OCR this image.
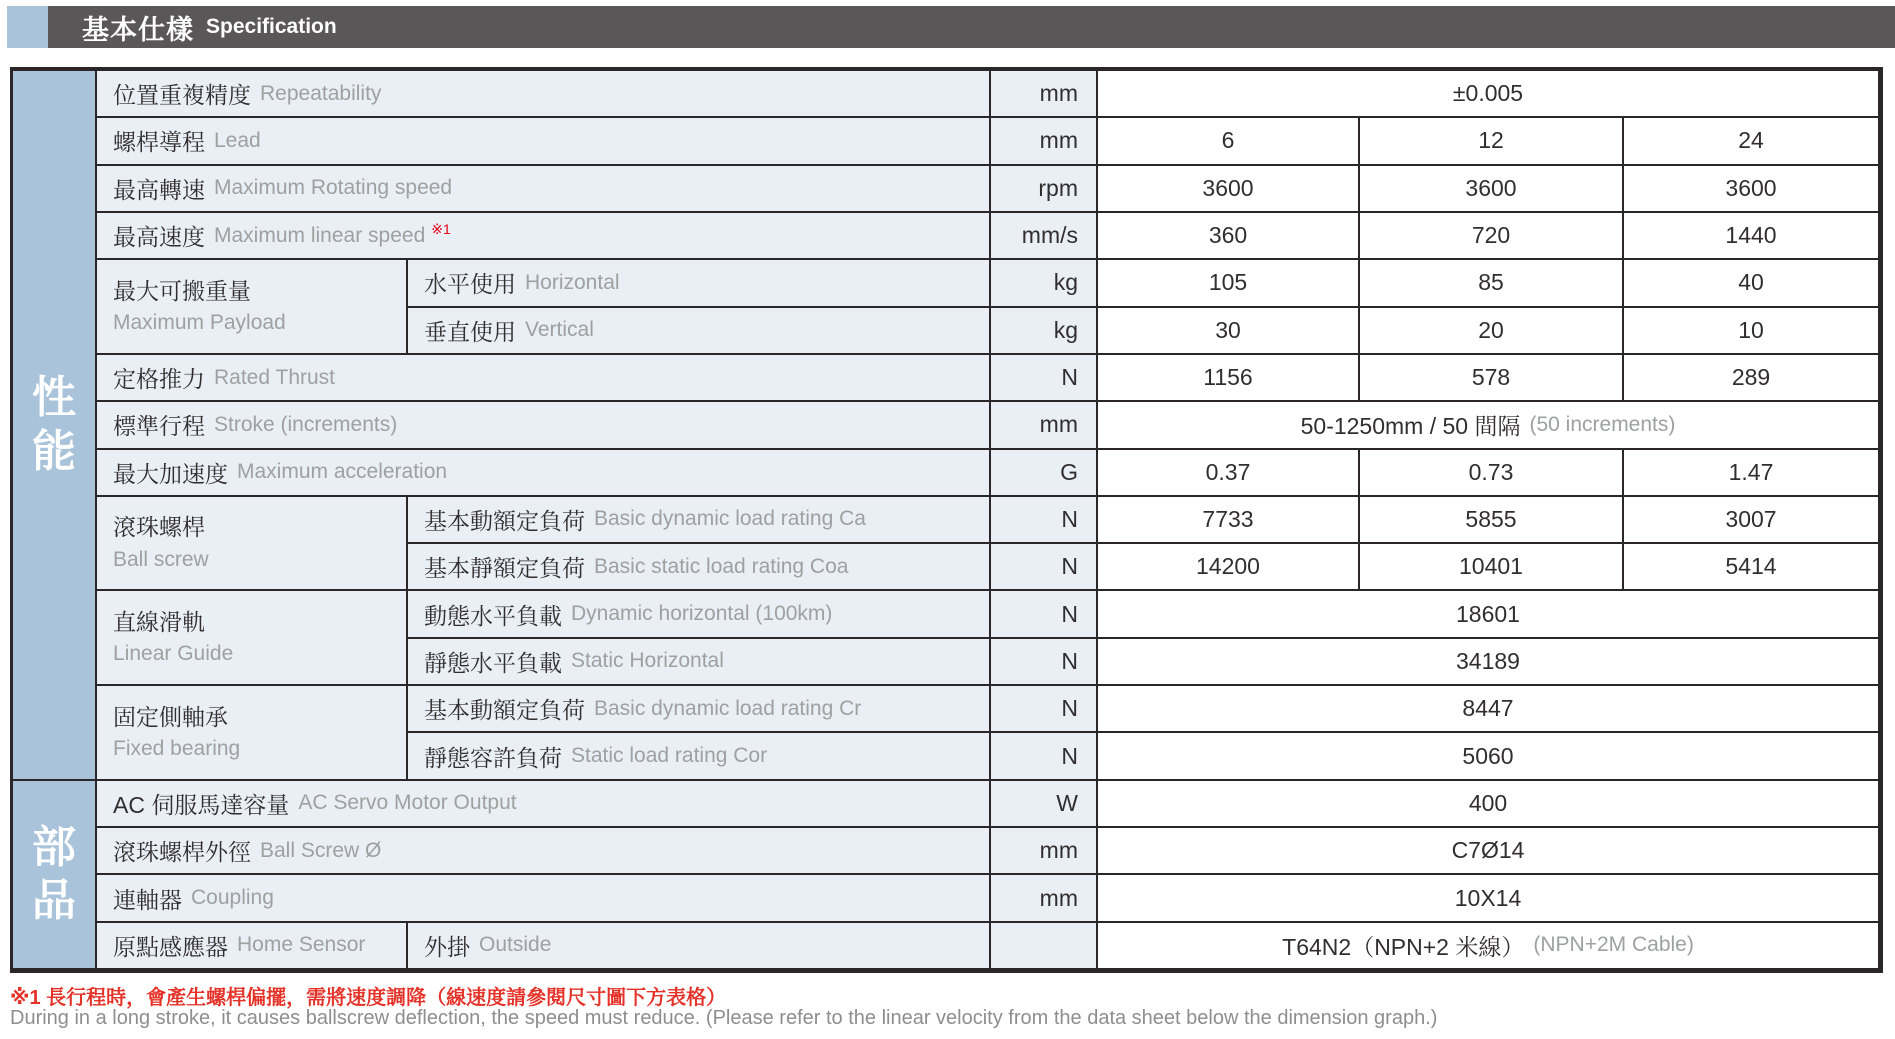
基本仕樣 Specification
性能
部品
位置重複精度 Repeatability	mm	±0.005
螺桿導程 Lead	mm	6	12	24
最高轉速 Maximum Rotating speed	rpm	3600	3600	3600
最高速度 Maximum linear speed ※1	mm/s	360	720	1440
最大可搬重量
Maximum Payload
水平使用 Horizontal	kg	105	85	40
垂直使用 Vertical	kg	30	20	10
定格推力 Rated Thrust	N	1156	578	289
標準行程 Stroke (increments)	mm	50-1250mm / 50 間隔 (50 increments)
最大加速度 Maximum acceleration	G	0.37	0.73	1.47
滾珠螺桿
Ball screw
基本動額定負荷 Basic dynamic load rating Ca	N	7733	5855	3007
基本靜額定負荷 Basic static load rating Coa	N	14200	10401	5414
直線滑軌
Linear Guide
動態水平負載 Dynamic horizontal (100km)	N	18601
靜態水平負載 Static Horizontal	N	34189
固定側軸承
Fixed bearing
基本動額定負荷 Basic dynamic load rating Cr	N	8447
靜態容許負荷 Static load rating Cor	N	5060
AC 伺服馬達容量 AC Servo Motor Output	W	400
滾珠螺桿外徑 Ball Screw Ø	mm	C7Ø14
連軸器 Coupling	mm	10X14
原點感應器 Home Sensor	外掛 Outside	T64N2（NPN+2 米線） (NPN+2M Cable)
※1 長行程時，會產生螺桿偏擺，需將速度調降（線速度請參閱尺寸圖下方表格）
During in a long stroke, it causes ballscrew deflection, the speed must reduce. (Please refer to the linear velocity from the data sheet below the dimension graph.)
